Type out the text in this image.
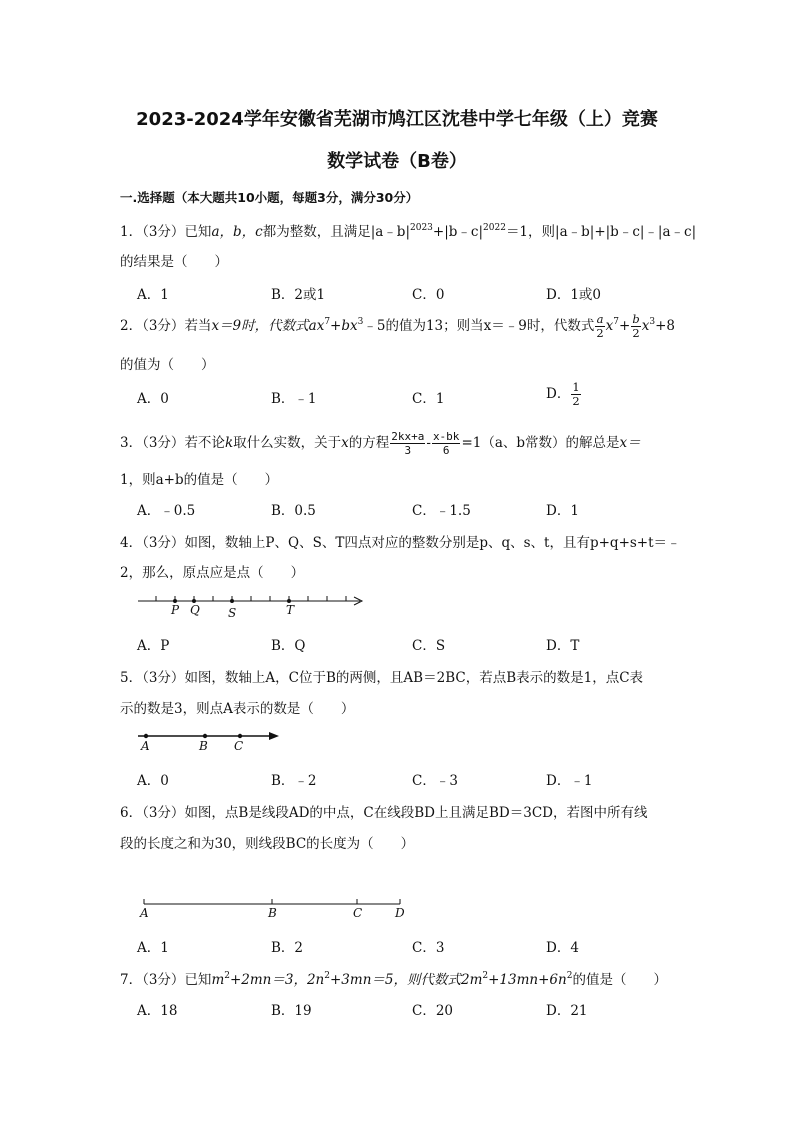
2023-2024学年安徽省芜湖市鸠江区沈巷中学七年级（上）竞赛
数学试卷（B卷）
一.选择题（本大题共10小题，每题3分，满分30分）
1．（3分）已知a，b，c都为整数，且满足$|a﹣b|^{2023}+|b﹣c|^{2022}=1$，则|a﹣b|+|b﹣c|﹣|a﹣c|
的结果是（　　）
A．1	B．2或1	C．0	D．1或0
2．（3分）若当x＝9时，代数式$ax^7+bx^3﹣5$的值为13；则当x＝﹣9时，代数式 $\frac{a}{2} x^7+ \frac{b}{2} x^3+8$
的值为（　　）
A．0	B．﹣1	C．1	D． $\frac{1}{2}$
3．（3分）若不论k取什么实数，关于x的方程 $\frac{2kx+a}{3} - \frac{x-bk}{6} =1(a$、b常数）的解总是x＝
1，则a+b的值是（　　）
A．﹣0.5	B．0.5	C．﹣1.5	D．1
4．（3分）如图，数轴上P、Q、S、T四点对应的整数分别是p、q、s、t，且有p+q+s+t＝﹣
2，那么，原点应是点（　　）
P Q S	T
A．P	B．Q	C．S	D．T
5．（3分）如图，数轴上A，C位于B的两侧，且AB＝2BC，若点B表示的数是1，点C表
示的数是3，则点A表示的数是（　　）
A	B C
A．0	B．﹣2	C．﹣3	D．﹣1
6．（3分）如图，点B是线段AD的中点，C在线段BD上且满足BD＝3CD，若图中所有线
段的长度之和为30，则线段BC的长度为（　　）
A	B	C	D
A．1	B．2	C．3	D．4
7．（3分）已知$m^2+2mn=3$，$2n^2+3mn=5$，则代数式$2m^2+13mn+6n^2$的值是（　　）
A．18	B．19	C．20	D．21
